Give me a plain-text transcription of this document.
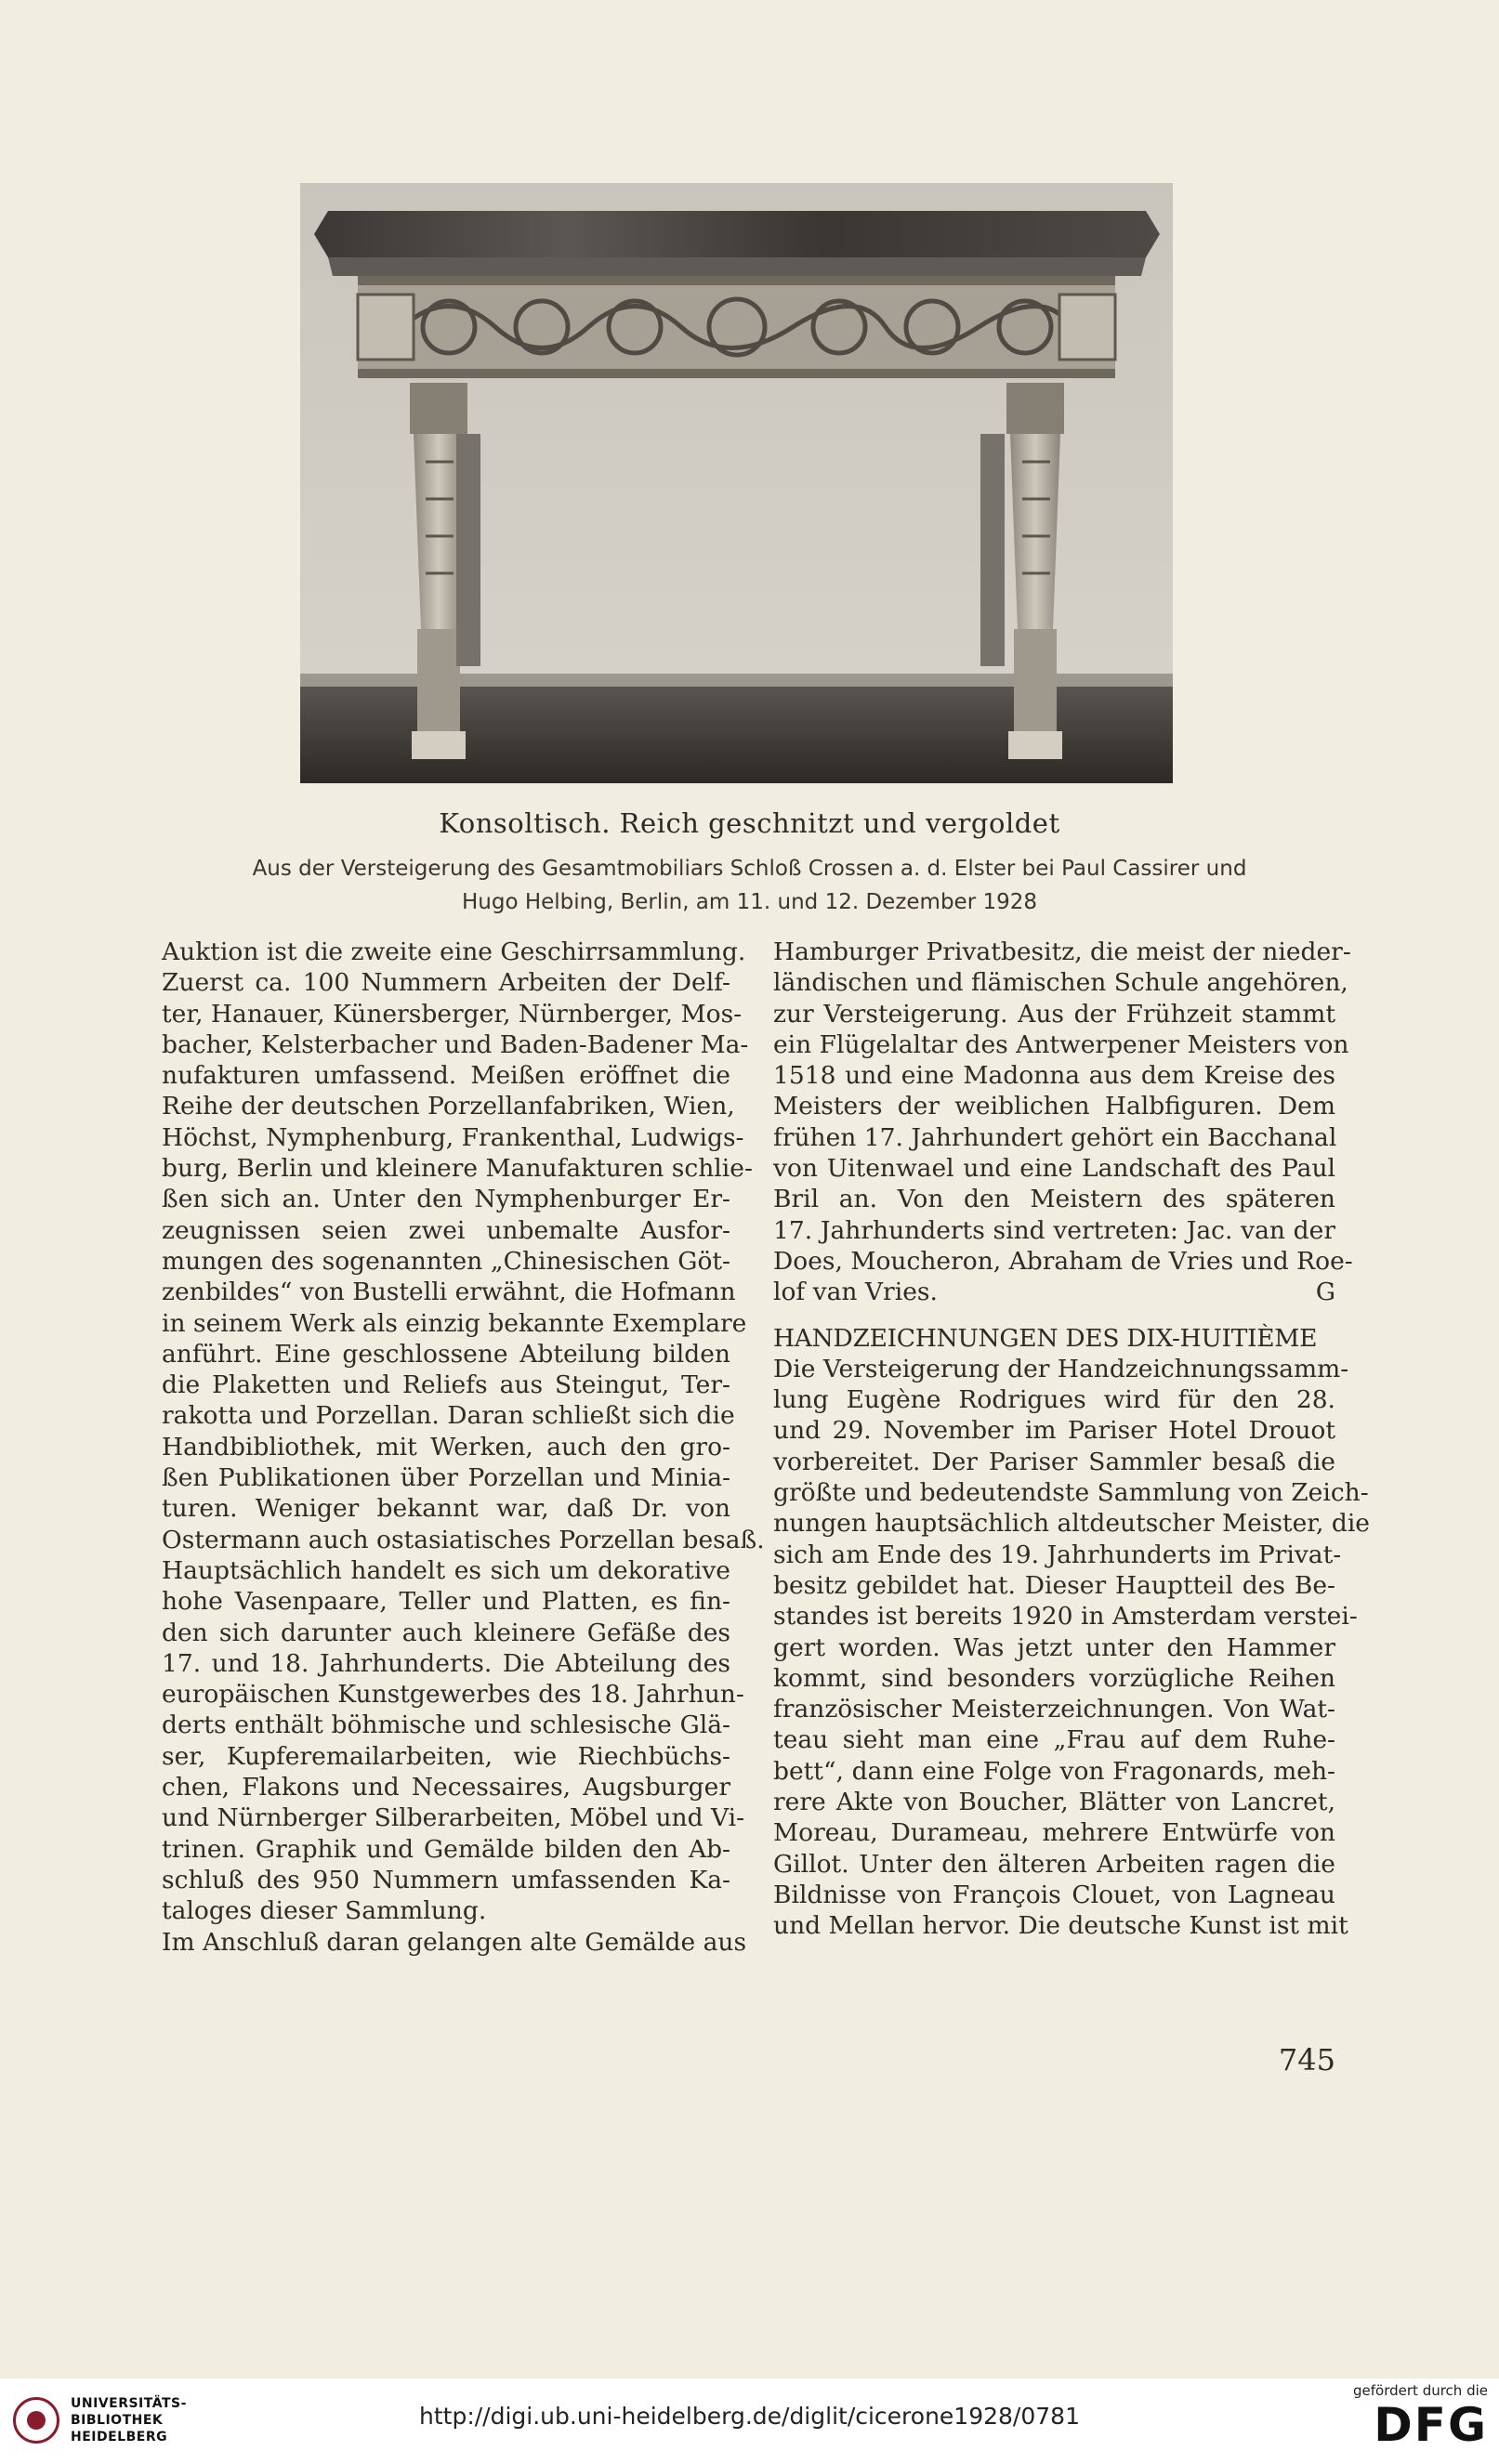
Konsoltisch. Reich geschnitzt und vergoldet
Aus der Versteigerung des Gesamtmobiliars Schloß Crossen a. d. Elster bei Paul Cassirer und
Hugo Helbing, Berlin, am 11. und 12. Dezember 1928
Auktion ist die zweite eine Geschirrsammlung.
Zuerst ca. 100 Nummern Arbeiten der Delf-
ter, Hanauer, Künersberger, Nürnberger, Mos-
bacher, Kelsterbacher und Baden-Badener Ma-
nufakturen umfassend. Meißen eröffnet die
Reihe der deutschen Porzellanfabriken, Wien,
Höchst, Nymphenburg, Frankenthal, Ludwigs-
burg, Berlin und kleinere Manufakturen schlie-
ßen sich an. Unter den Nymphenburger Er-
zeugnissen seien zwei unbemalte Ausfor-
mungen des sogenannten „Chinesischen Göt-
zenbildes“ von Bustelli erwähnt, die Hofmann
in seinem Werk als einzig bekannte Exemplare
anführt. Eine geschlossene Abteilung bilden
die Plaketten und Reliefs aus Steingut, Ter-
rakotta und Porzellan. Daran schließt sich die
Handbibliothek, mit Werken, auch den gro-
ßen Publikationen über Porzellan und Minia-
turen. Weniger bekannt war, daß Dr. von
Ostermann auch ostasiatisches Porzellan besaß.
Hauptsächlich handelt es sich um dekorative
hohe Vasenpaare, Teller und Platten, es fin-
den sich darunter auch kleinere Gefäße des
17. und 18. Jahrhunderts. Die Abteilung des
europäischen Kunstgewerbes des 18. Jahrhun-
derts enthält böhmische und schlesische Glä-
ser, Kupferemailarbeiten, wie Riechbüchs-
chen, Flakons und Necessaires, Augsburger
und Nürnberger Silberarbeiten, Möbel und Vi-
trinen. Graphik und Gemälde bilden den Ab-
schluß des 950 Nummern umfassenden Ka-
taloges dieser Sammlung.
Im Anschluß daran gelangen alte Gemälde aus
Hamburger Privatbesitz, die meist der nieder-
ländischen und flämischen Schule angehören,
zur Versteigerung. Aus der Frühzeit stammt
ein Flügelaltar des Antwerpener Meisters von
1518 und eine Madonna aus dem Kreise des
Meisters der weiblichen Halbfiguren. Dem
frühen 17. Jahrhundert gehört ein Bacchanal
von Uitenwael und eine Landschaft des Paul
Bril an. Von den Meistern des späteren
17. Jahrhunderts sind vertreten: Jac. van der
Does, Moucheron, Abraham de Vries und Roe-
lof van Vries.	G
HANDZEICHNUNGEN DES DIX-HUITIÈME
Die Versteigerung der Handzeichnungssamm-
lung Eugène Rodrigues wird für den 28.
und 29. November im Pariser Hotel Drouot
vorbereitet. Der Pariser Sammler besaß die
größte und bedeutendste Sammlung von Zeich-
nungen hauptsächlich altdeutscher Meister, die
sich am Ende des 19. Jahrhunderts im Privat-
besitz gebildet hat. Dieser Hauptteil des Be-
standes ist bereits 1920 in Amsterdam verstei-
gert worden. Was jetzt unter den Hammer
kommt, sind besonders vorzügliche Reihen
französischer Meisterzeichnungen. Von Wat-
teau sieht man eine „Frau auf dem Ruhe-
bett“, dann eine Folge von Fragonards, meh-
rere Akte von Boucher, Blätter von Lancret,
Moreau, Durameau, mehrere Entwürfe von
Gillot. Unter den älteren Arbeiten ragen die
Bildnisse von François Clouet, von Lagneau
und Mellan hervor. Die deutsche Kunst ist mit
745
UNIVERSITÄTS-
BIBLIOTHEK
HEIDELBERG
http://digi.ub.uni-heidelberg.de/diglit/cicerone1928/0781
gefördert durch die
DFG
